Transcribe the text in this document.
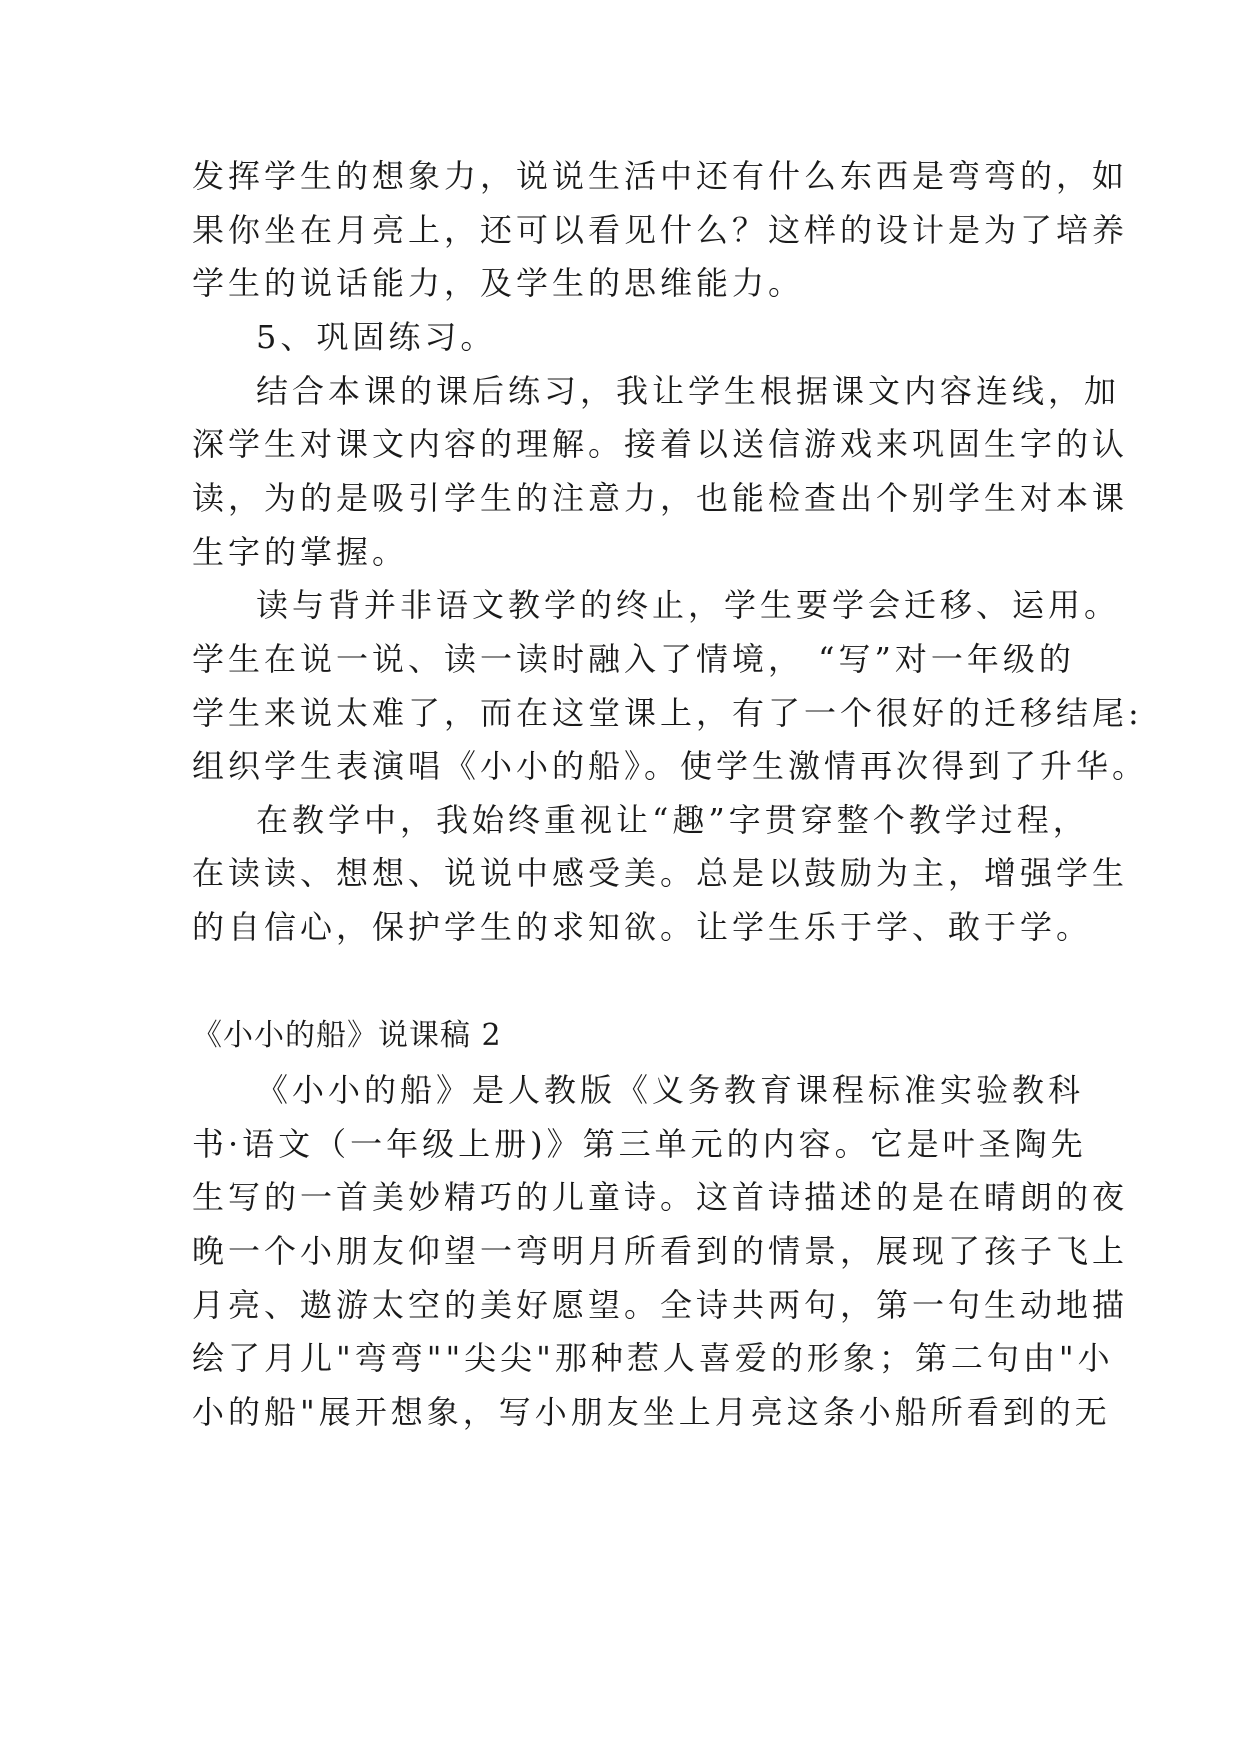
发挥学生的想象力，说说生活中还有什么东西是弯弯的，如
果你坐在月亮上，还可以看见什么？这样的设计是为了培养
学生的说话能力，及学生的思维能力。
5、巩固练习。
结合本课的课后练习，我让学生根据课文内容连线，加
深学生对课文内容的理解。接着以送信游戏来巩固生字的认
读，为的是吸引学生的注意力，也能检查出个别学生对本课
生字的掌握。
读与背并非语文教学的终止，学生要学会迁移、运用。
学生在说一说、读一读时融入了情境， “写”对一年级的
学生来说太难了，而在这堂课上，有了一个很好的迁移结尾:
组织学生表演唱《小小的船》。使学生激情再次得到了升华。
在教学中，我始终重视让“趣”字贯穿整个教学过程，
在读读、想想、说说中感受美。总是以鼓励为主，增强学生
的自信心，保护学生的求知欲。让学生乐于学、敢于学。
《小小的船》说课稿 2
《小小的船》是人教版《义务教育课程标准实验教科
书·语文（一年级上册)》第三单元的内容。它是叶圣陶先
生写的一首美妙精巧的儿童诗。这首诗描述的是在晴朗的夜
晚一个小朋友仰望一弯明月所看到的情景，展现了孩子飞上
月亮、遨游太空的美好愿望。全诗共两句，第一句生动地描
绘了月儿"弯弯""尖尖"那种惹人喜爱的形象；第二句由"小
小的船"展开想象，写小朋友坐上月亮这条小船所看到的无
